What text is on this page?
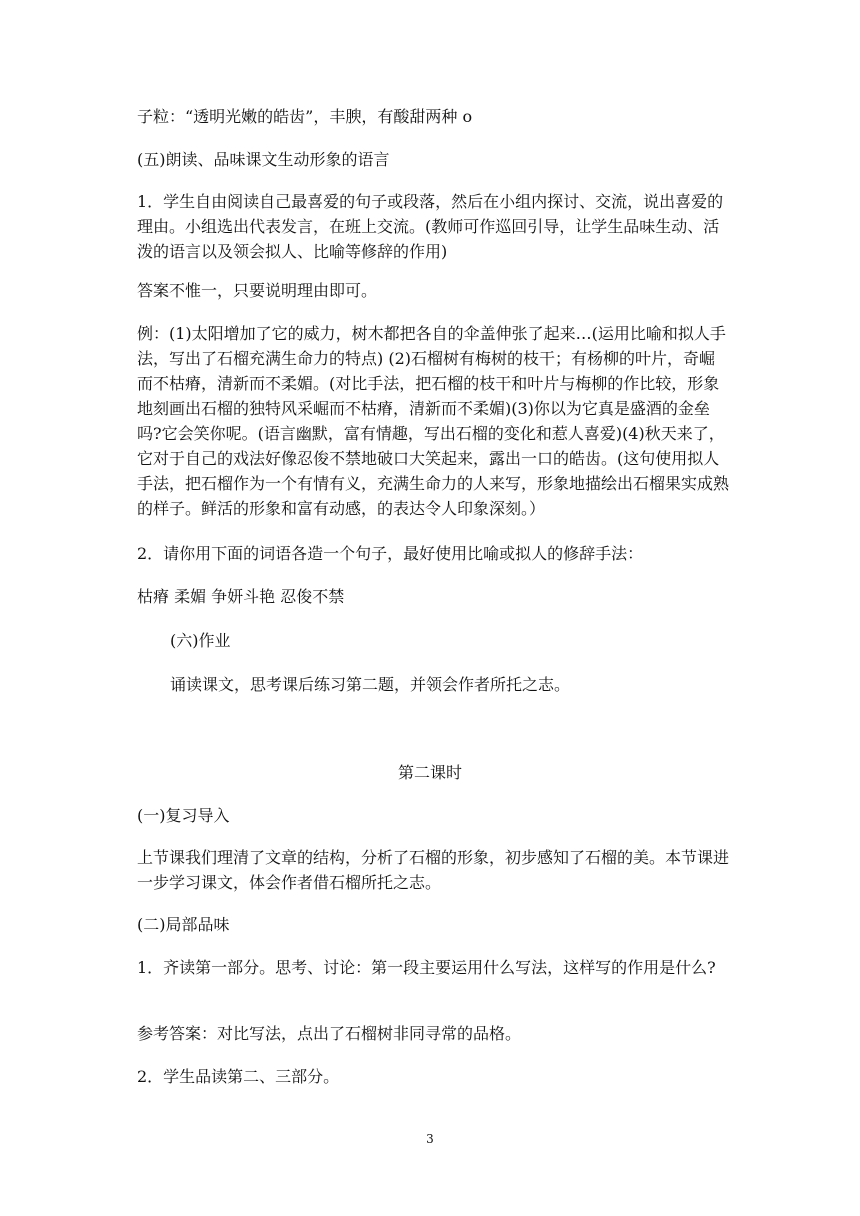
子粒：“透明光嫩的皓齿”，丰腴，有酸甜两种 o

(五)朗读、品味课文生动形象的语言

1．学生自由阅读自己最喜爱的句子或段落，然后在小组内探讨、交流，说出喜爱的理由。小组选出代表发言，在班上交流。(教师可作巡回引导，让学生品味生动、活泼的语言以及领会拟人、比喻等修辞的作用)

答案不惟一，只要说明理由即可。

例：(1)太阳增加了它的威力，树木都把各自的伞盖伸张了起来…(运用比喻和拟人手法，写出了石榴充满生命力的特点) (2)石榴树有梅树的枝干；有杨柳的叶片，奇崛而不枯瘠，清新而不柔媚。(对比手法，把石榴的枝干和叶片与梅柳的作比较，形象地刻画出石榴的独特风采崛而不枯瘠，清新而不柔媚)(3)你以为它真是盛酒的金垒吗?它会笑你呢。(语言幽默，富有情趣，写出石榴的变化和惹人喜爱)(4)秋天来了，它对于自己的戏法好像忍俊不禁地破口大笑起来，露出一口的皓齿。(这句使用拟人手法，把石榴作为一个有情有义，充满生命力的人来写，形象地描绘出石榴果实成熟的样子。鲜活的形象和富有动感，的表达令人印象深刻。）

2．请你用下面的词语各造一个句子，最好使用比喻或拟人的修辞手法：

枯瘠 柔媚 争妍斗艳 忍俊不禁

(六)作业

诵读课文，思考课后练习第二题，并领会作者所托之志。

第二课时

(一)复习导入

上节课我们理清了文章的结构，分析了石榴的形象，初步感知了石榴的美。本节课进一步学习课文，体会作者借石榴所托之志。

(二)局部品味

1．齐读第一部分。思考、讨论：第一段主要运用什么写法，这样写的作用是什么?

参考答案：对比写法，点出了石榴树非同寻常的品格。

2．学生品读第二、三部分。

3
